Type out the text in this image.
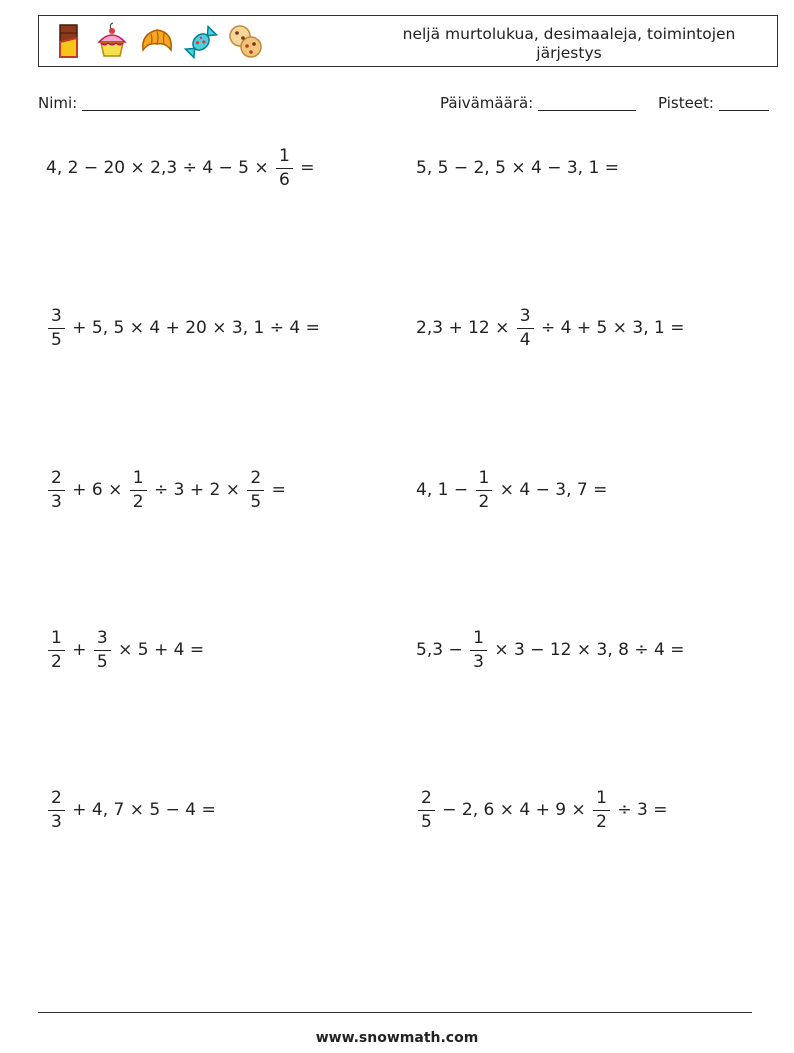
neljä murtolukua, desimaaleja, toimintojen järjestys
Nimi:	Päivämäärä:	Pisteet:
4, $2 - 20 \times 2,3 \div 4 - 5 \times \frac{1}{6}$ =	5, 5 − 2, 5 × 4 − 3, 1 =
$\frac{3}{5} + 5$, 5 × 4 + 20 × 3, 1 ÷ 4 =	$2,3 + 12 \times \frac{3}{4} \div 4 + 5 \times 3$, 1 =
$\frac{2}{3} + 6 \times \frac{1}{2} \div 3 + 2 \times \frac{2}{5}$ =	4, $1 - \frac{1}{2} \times 4 - 3$, 7 =
$\frac{1}{2} + \frac{3}{5} \times 5 + 4$ =	$5,3 - \frac{1}{3} \times 3 - 12 \times 3$, 8 ÷ 4 =
$\frac{2}{3} + 4$, 7 × 5 − 4 =	$\frac{2}{5} - 2$, $6 \times 4 + 9 \times \frac{1}{2} \div 3$ =
www.snowmath.com
